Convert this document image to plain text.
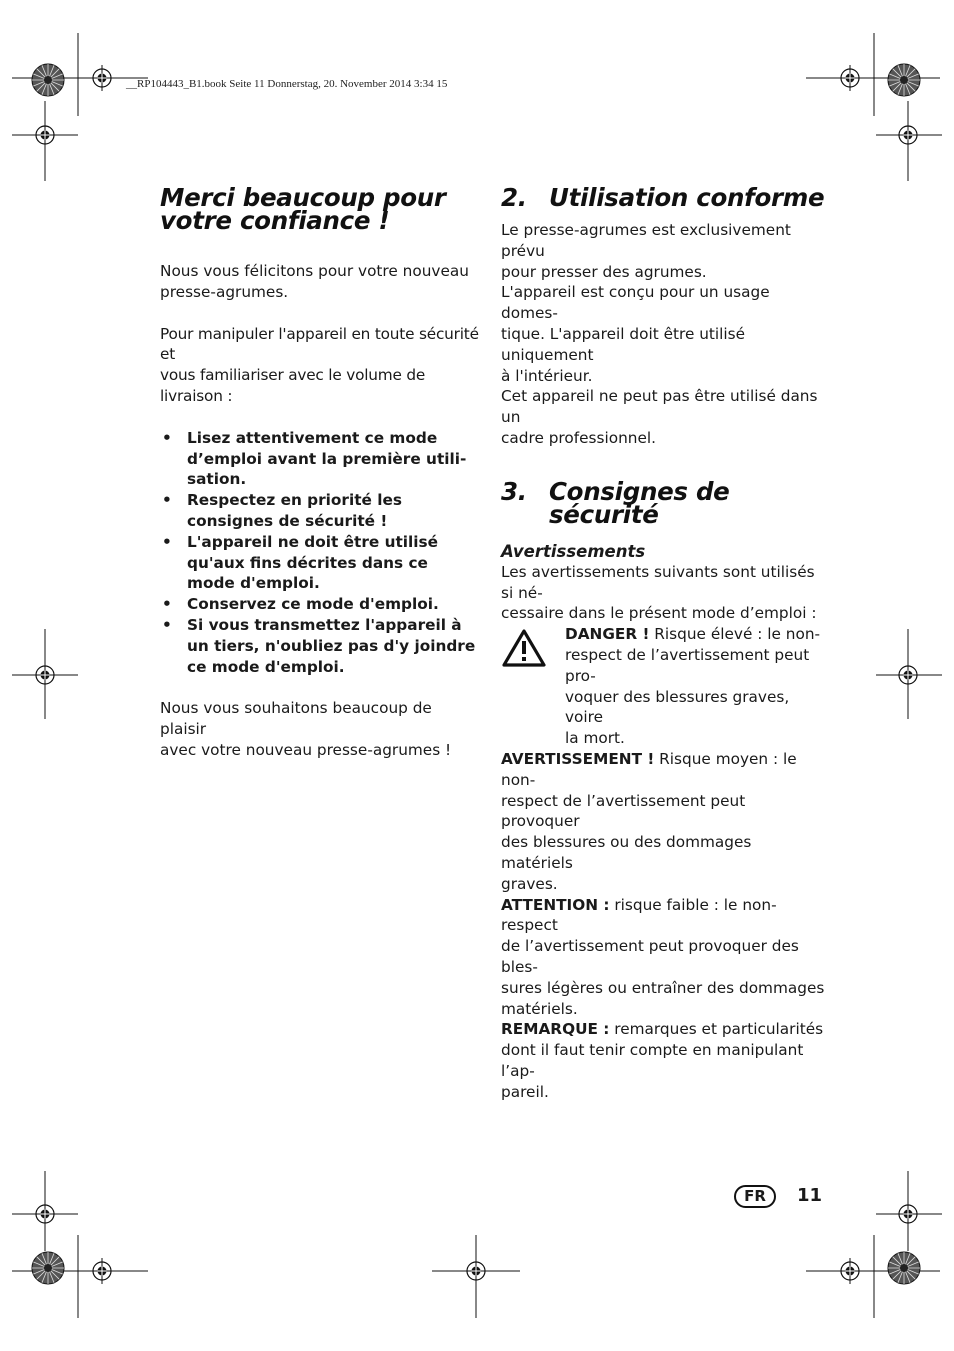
__RP104443_B1.book Seite 11 Donnerstag, 20. November 2014 3:34 15
Merci beaucoup pour
votre confiance !

Nous vous félicitons pour votre nouveau
presse-agrumes.

Pour manipuler l'appareil en toute sécurité et
vous familiariser avec le volume de
livraison :

• Lisez attentivement ce mode
d’emploi avant la première utili-
sation.
• Respectez en priorité les
consignes de sécurité !
• L'appareil ne doit être utilisé
qu'aux fins décrites dans ce
mode d'emploi.
• Conservez ce mode d'emploi.
• Si vous transmettez l'appareil à
un tiers, n'oubliez pas d'y joindre
ce mode d'emploi.

Nous vous souhaitons beaucoup de plaisir
avec votre nouveau presse-agrumes !

2. Utilisation conforme

Le presse-agrumes est exclusivement prévu
pour presser des agrumes.
L'appareil est conçu pour un usage domes-
tique. L'appareil doit être utilisé uniquement
à l'intérieur.
Cet appareil ne peut pas être utilisé dans un
cadre professionnel.

3. Consignes de
sécurité
Avertissements

Les avertissements suivants sont utilisés si né-
cessaire dans le présent mode d’emploi :

DANGER ! Risque élevé : le non-
respect de l’avertissement peut pro-
voquer des blessures graves, voire
la mort.

AVERTISSEMENT ! Risque moyen : le non-
respect de l’avertissement peut provoquer
des blessures ou des dommages matériels
graves.

ATTENTION : risque faible : le non-respect
de l’avertissement peut provoquer des bles-
sures légères ou entraîner des dommages
matériels.

REMARQUE : remarques et particularités
dont il faut tenir compte en manipulant l’ap-
pareil.

FR	11
